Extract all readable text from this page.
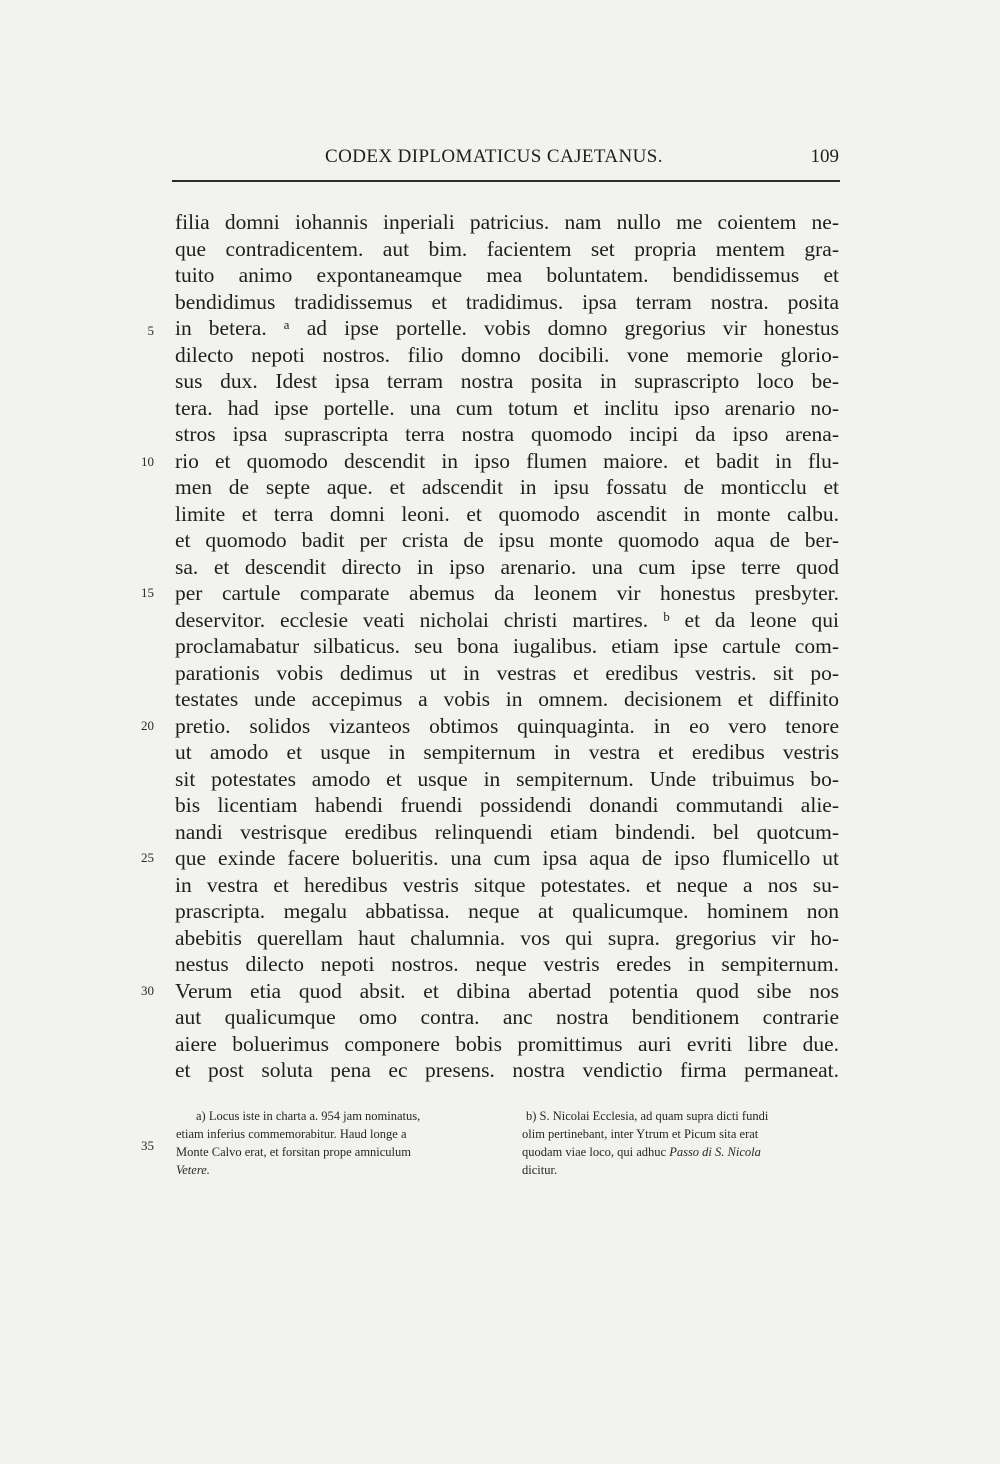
CODEX DIPLOMATICUS CAJETANUS.	109
filia domni iohannis inperiali patricius. nam nullo me coientem ne-
que contradicentem. aut bim. facientem set propria mentem gra-
tuito animo expontaneamque mea boluntatem. bendidissemus et
bendidimus tradidissemus et tradidimus. ipsa terram nostra. posita
in betera. ᵃ ad ipse portelle. vobis domno gregorius vir honestus
dilecto nepoti nostros. filio domno docibili. vone memorie glorio-
sus dux. Idest ipsa terram nostra posita in suprascripto loco be-
tera. had ipse portelle. una cum totum et inclitu ipso arenario no-
stros ipsa suprascripta terra nostra quomodo incipi da ipso arena-
rio et quomodo descendit in ipso flumen maiore. et badit in flu-
men de septe aque. et adscendit in ipsu fossatu de monticclu et
limite et terra domni leoni. et quomodo ascendit in monte calbu.
et quomodo badit per crista de ipsu monte quomodo aqua de ber-
sa. et descendit directo in ipso arenario. una cum ipse terre quod
per cartule comparate abemus da leonem vir honestus presbyter.
deservitor. ecclesie veati nicholai christi martires. ᵇ et da leone qui
proclamabatur silbaticus. seu bona iugalibus. etiam ipse cartule com-
parationis vobis dedimus ut in vestras et eredibus vestris. sit po-
testates unde accepimus a vobis in omnem. decisionem et diffinito
pretio. solidos vizanteos obtimos quinquaginta. in eo vero tenore
ut amodo et usque in sempiternum in vestra et eredibus vestris
sit potestates amodo et usque in sempiternum. Unde tribuimus bo-
bis licentiam habendi fruendi possidendi donandi commutandi alie-
nandi vestrisque eredibus relinquendi etiam bindendi. bel quotcum-
que exinde facere bolueritis. una cum ipsa aqua de ipso flumicello ut
in vestra et heredibus vestris sitque potestates. et neque a nos su-
prascripta. megalu abbatissa. neque at qualicumque. hominem non
abebitis querellam haut chalumnia. vos qui supra. gregorius vir ho-
nestus dilecto nepoti nostros. neque vestris eredes in sempiternum.
Verum etia quod absit. et dibina abertad potentia quod sibe nos
aut qualicumque omo contra. anc nostra benditionem contrarie
aiere boluerimus componere bobis promittimus auri evriti libre due.
et post soluta pena ec presens. nostra vendictio firma permaneat.
5
10
15
20
25
30
35
a) Locus iste in charta a. 954 jam nominatus,
etiam inferius commemorabitur. Haud longe a
Monte Calvo erat, et forsitan prope amniculum
Vetere.
b) S. Nicolai Ecclesia, ad quam supra dicti fundi
olim pertinebant, inter Ytrum et Picum sita erat
quodam viae loco, qui adhuc Passo di S. Nicola
dicitur.
